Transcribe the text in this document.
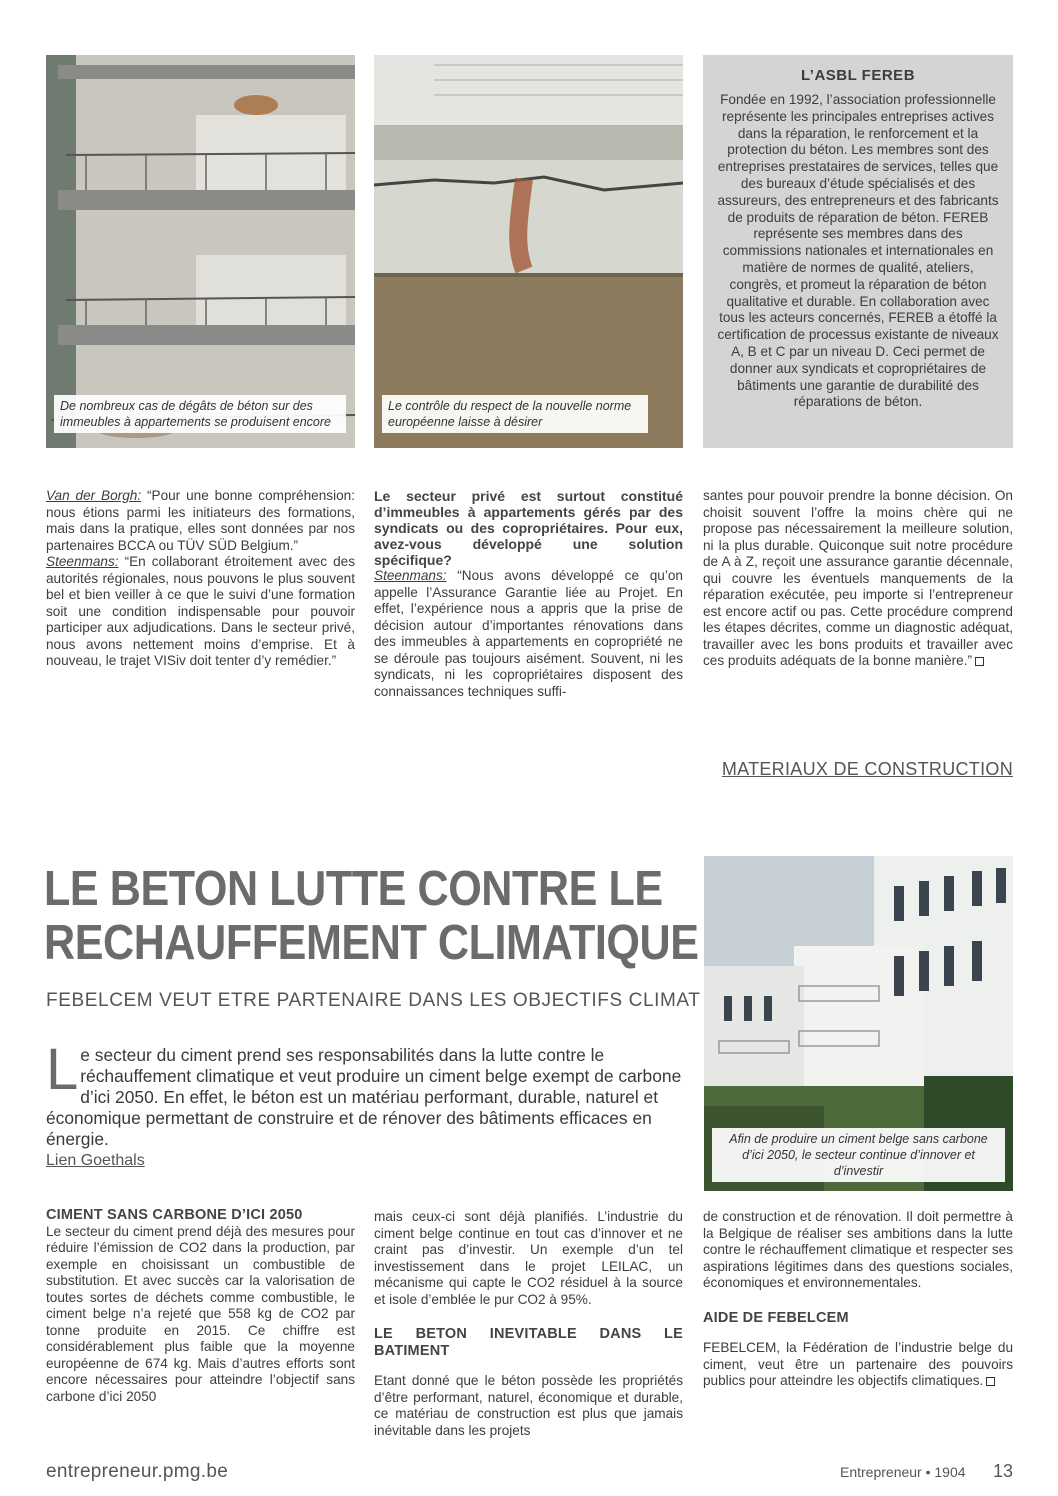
De nombreux cas de dégâts de béton sur des immeubles à appartements se produisent encore
Le contrôle du respect de la nouvelle norme européenne laisse à désirer
L’ASBL FEREB

Fondée en 1992, l’association professionnelle représente les principales entreprises actives dans la réparation, le renforcement et la protection du béton. Les membres sont des entreprises prestataires de services, telles que des bureaux d’étude spécialisés et des assureurs, des entrepreneurs et des fabricants de produits de réparation de béton. FEREB représente ses membres dans des commissions nationales et internationales en matière de normes de qualité, ateliers, congrès, et promeut la réparation de béton qualitative et durable. En collaboration avec tous les acteurs concernés, FEREB a étoffé la certification de processus existante de niveaux A, B et C par un niveau D. Ceci permet de donner aux syndicats et copropriétaires de bâtiments une garantie de durabilité des réparations de béton.

Van der Borgh: “Pour une bonne compréhension: nous étions parmi les initiateurs des formations, mais dans la pratique, elles sont données par nos partenaires BCCA ou TÜV SÜD Belgium.”

Steenmans: “En collaborant étroitement avec des autorités régionales, nous pouvons le plus souvent bel et bien veiller à ce que le suivi d’une formation soit une condition indispensable pour pouvoir participer aux adjudications. Dans le secteur privé, nous avons nettement moins d’emprise. Et à nouveau, le trajet VISiv doit tenter d’y remédier.”

Le secteur privé est surtout constitué d’immeubles à appartements gérés par des syndicats ou des copropriétaires. Pour eux, avez-vous développé une solution spécifique?

Steenmans: “Nous avons développé ce qu’on appelle l’Assurance Garantie liée au Projet. En effet, l’expérience nous a appris que la prise de décision autour d’importantes rénovations dans des immeubles à appartements en copropriété ne se déroule pas toujours aisément. Souvent, ni les syndicats, ni les copropriétaires disposent des connaissances techniques suffi-

santes pour pouvoir prendre la bonne décision. On choisit souvent l’offre la moins chère qui ne propose pas nécessairement la meilleure solution, ni la plus durable. Quiconque suit notre procédure de A à Z, reçoit une assurance garantie décennale, qui couvre les éventuels manquements de la réparation exécutée, peu importe si l’entrepreneur est encore actif ou pas. Cette procédure comprend les étapes décrites, comme un diagnostic adéquat, travailler avec les bons produits et travailler avec ces produits adéquats de la bonne manière.”

MATERIAUX DE CONSTRUCTION

LE BETON LUTTE CONTRE LE

RECHAUFFEMENT CLIMATIQUE

FEBELCEM VEUT ETRE PARTENAIRE DANS LES OBJECTIFS CLIMAT

Le secteur du ciment prend ses responsabilités dans la lutte contre le réchauffement climatique et veut produire un ciment belge exempt de carbone d’ici 2050. En effet, le béton est un matériau performant, durable, naturel et économique permettant de construire et de rénover des bâtiments efficaces en énergie.

Lien Goethals

Afin de produire un ciment belge sans carbone d’ici 2050, le secteur continue d’innover et d’investir

CIMENT SANS CARBONE D’ICI 2050

Le secteur du ciment prend déjà des mesures pour réduire l’émission de CO2 dans la production, par exemple en choisissant un combustible de substitution. Et avec succès car la valorisation de toutes sortes de déchets comme combustible, le ciment belge n’a rejeté que 558 kg de CO2 par tonne produite en 2015. Ce chiffre est considérablement plus faible que la moyenne européenne de 674 kg. Mais d’autres efforts sont encore nécessaires pour atteindre l’objectif sans carbone d’ici 2050

mais ceux-ci sont déjà planifiés. L’industrie du ciment belge continue en tout cas d’innover et ne craint pas d’investir. Un exemple d’un tel investissement dans le projet LEILAC, un mécanisme qui capte le CO2 résiduel à la source et isole d’emblée le pur CO2 à 95%.

LE BETON INEVITABLE DANS LE BATIMENT

Etant donné que le béton possède les propriétés d’être performant, naturel, économique et durable, ce matériau de construction est plus que jamais inévitable dans les projets

de construction et de rénovation. Il doit permettre à la Belgique de réaliser ses ambitions dans la lutte contre le réchauffement climatique et respecter ses aspirations légitimes dans des questions sociales, économiques et environnementales.

AIDE DE FEBELCEM

FEBELCEM, la Fédération de l’industrie belge du ciment, veut être un partenaire des pouvoirs publics pour atteindre les objectifs climatiques.

entrepreneur.pmg.be	Entrepreneur • 1904 13
